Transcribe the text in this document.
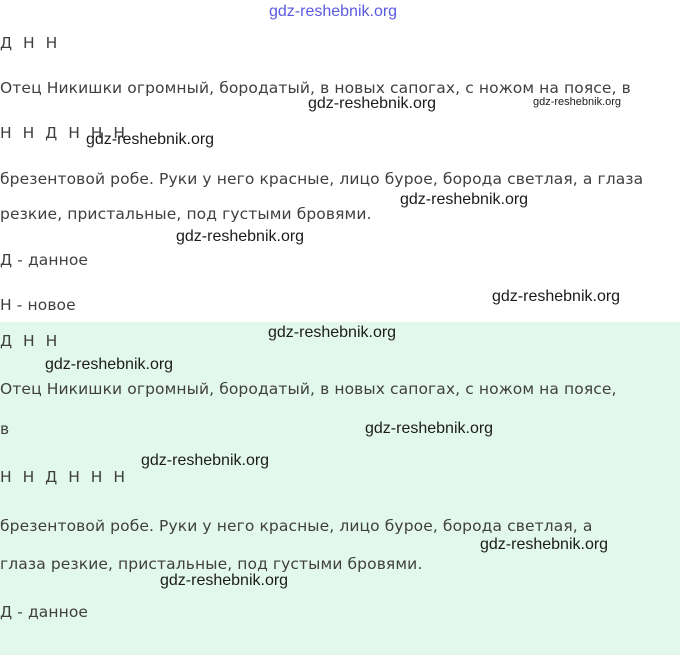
Д Н Н
Отец Никишки огромный, бородатый, в новых сапогах, с ножом на поясе, в
Н Н Д Н Н Н
брезентовой робе. Руки у него красные, лицо бурое, борода светлая, а глаза
резкие, пристальные, под густыми бровями.
Д - данное
Н - новое
Д Н Н
Отец Никишки огромный, бородатый, в новых сапогах, с ножом на поясе,
в
Н Н Д Н Н Н
брезентовой робе. Руки у него красные, лицо бурое, борода светлая, а
глаза резкие, пристальные, под густыми бровями.
Д - данное
gdz-reshebnik.org
gdz-reshebnik.org	gdz-reshebnik.org
gdz-reshebnik.org
gdz-reshebnik.org
gdz-reshebnik.org
gdz-reshebnik.org
gdz-reshebnik.org
gdz-reshebnik.org
gdz-reshebnik.org
gdz-reshebnik.org
gdz-reshebnik.org
gdz-reshebnik.org
